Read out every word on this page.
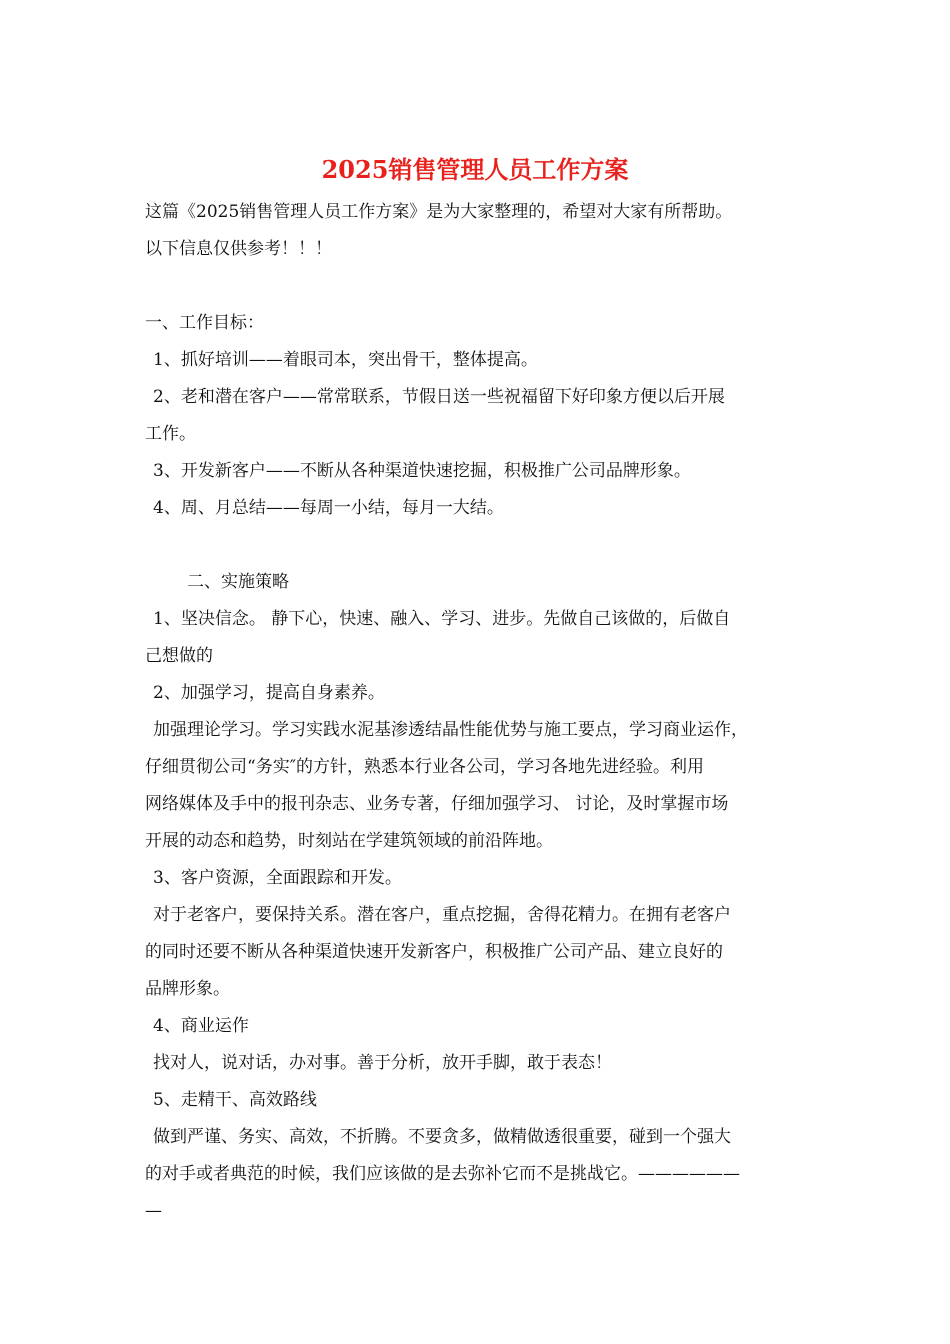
2025销售管理人员工作方案

这篇《2025销售管理人员工作方案》是为大家整理的，希望对大家有所帮助。

以下信息仅供参考！！！

一、工作目标：

1、抓好培训——着眼司本，突出骨干，整体提高。

2、老和潜在客户——常常联系，节假日送一些祝福留下好印象方便以后开展

工作。

3、开发新客户——不断从各种渠道快速挖掘，积极推广公司品牌形象。

4、周、月总结——每周一小结，每月一大结。

二、实施策略

1、坚决信念。 静下心，快速、融入、学习、进步。先做自己该做的，后做自

己想做的

2、加强学习，提高自身素养。

加强理论学习。学习实践水泥基渗透结晶性能优势与施工要点，学习商业运作，

仔细贯彻公司“务实″的方针，熟悉本行业各公司，学习各地先进经验。利用

网络媒体及手中的报刊杂志、业务专著，仔细加强学习、 讨论，及时掌握市场

开展的动态和趋势，时刻站在学建筑领域的前沿阵地。

3、客户资源，全面跟踪和开发。

对于老客户，要保持关系。潜在客户，重点挖掘，舍得花精力。在拥有老客户

的同时还要不断从各种渠道快速开发新客户，积极推广公司产品、建立良好的

品牌形象。

4、商业运作

找对人，说对话，办对事。善于分析，放开手脚，敢于表态！

5、走精干、高效路线

做到严谨、务实、高效，不折腾。不要贪多，做精做透很重要，碰到一个强大

的对手或者典范的时候，我们应该做的是去弥补它而不是挑战它。——————

—
